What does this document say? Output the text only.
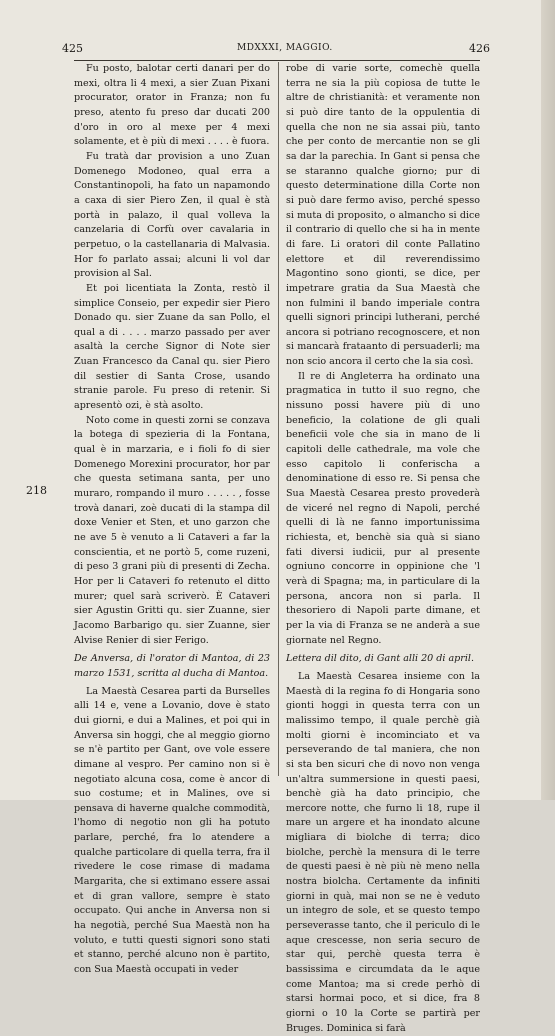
425	MDXXXI, MAGGIO.	426
218

Fu posto, balotar certi danari per do mexi, oltra li 4 mexi, a sier Zuan Pixani procurator, orator in Franza; non fu preso, atento fu preso dar ducati 200 d'oro in oro al mexe per 4 mexi solamente, et è più di mexi . . . . è fuora.

Fu tratà dar provision a uno Zuan Domenego Modoneo, qual erra a Constantinopoli, ha fato un napamondo a caxa di sier Piero Zen, il qual è stà portà in palazo, il qual volleva la canzelaria di Corfù over cavalaria in perpetuo, o la castellanaria di Malvasia. Hor fo parlato assai; alcuni li vol dar provision al Sal.

Et poi licentiata la Zonta, restò il simplice Conseio, per expedir sier Piero Donado qu. sier Zuane da san Pollo, el qual a di . . . . marzo passado per aver asaltà la cerche Signor di Note sier Zuan Francesco da Canal qu. sier Piero dil sestier di Santa Crose, usando stranie parole. Fu preso di retenir. Si apresentò ozi, è stà asolto.

Noto come in questi zorni se conzava la botega di spezieria di la Fontana, qual è in marzaria, e i fioli fo di sier Domenego Morexini procurator, hor par che questa setimana santa, per uno muraro, rompando il muro . . . . . , fosse trovà danari, zoè ducati di la stampa dil doxe Venier et Sten, et uno garzon che ne ave 5 è venuto a li Cataveri a far la conscientia, et ne portò 5, come ruzeni, di peso 3 grani più di presenti di Zecha. Hor per li Cataveri fo retenuto el ditto murer; quel sarà scriverò. È Cataveri sier Agustin Gritti qu. sier Zuanne, sier Jacomo Barbarigo qu. sier Zuanne, sier Alvise Renier di sier Ferigo.

De Anversa, di l'orator di Mantoa, di 23 marzo 1531, scritta al ducha di Mantoa.

La Maestà Cesarea parti da Burselles alli 14 e, vene a Lovanio, dove è stato dui giorni, e dui a Malines, et poi qui in Anversa sin hoggi, che al meggio giorno se n'è partito per Gant, ove vole essere dimane al vespro. Per camino non si è negotiato alcuna cosa, come è ancor di suo costume; et in Malines, ove si pensava di haverne qualche commodità, l'homo di negotio non gli ha potuto parlare, perché, fra lo atendere a qualche particolare di quella terra, fra il rivedere le cose rimase di madama Margarita, che si extimano essere assai et di gran vallore, sempre è stato occupato. Qui anche in Anversa non si ha negotià, perché Sua Maestà non ha voluto, e tutti questi signori sono stati et stanno, perché alcuno non è partito, con Sua Maestà occupati in veder

robe di varie sorte, comechè quella terra ne sia la più copiosa de tutte le altre de christianità: et veramente non si può dire tanto de la oppulentia di quella che non ne sia assai più, tanto che per conto de mercantie non se gli sa dar la parechia. In Gant si pensa che se staranno qualche giorno; pur di questo determinatione dilla Corte non si può dare fermo aviso, perché spesso si muta di proposito, o almancho si dice il contrario di quello che si ha in mente di fare. Li oratori dil conte Pallatino elettore et dil reverendissimo Magontino sono gionti, se dice, per impetrare gratia da Sua Maestà che non fulmini il bando imperiale contra quelli signori principi lutherani, perché ancora si potriano recognoscere, et non si mancarà frataanto di persuaderli; ma non scio ancora il certo che la sia così.

Il re di Angleterra ha ordinato una pragmatica in tutto il suo regno, che nissuno possi havere più di uno beneficio, la colatione de gli quali beneficii vole che sia in mano de li capitoli delle cathedrale, ma vole che esso capitolo li conferischa a denominatione di esso re. Si pensa che Sua Maestà Cesarea presto provederà de viceré nel regno di Napoli, perché quelli di là ne fanno importunissima richiesta, et, benchè sia quà si siano fati diversi iudicii, pur al presente ogniuno concorre in oppinione che 'l verà di Spagna; ma, in particulare di la persona, ancora non si parla. Il thesoriero di Napoli parte dimane, et per la via di Franza se ne anderà a sue giornate nel Regno.

Lettera dil dito, di Gant alli 20 di april.

La Maestà Cesarea insieme con la Maestà di la regina fo di Hongaria sono gionti hoggi in questa terra con un malissimo tempo, il quale perchè già molti giorni è incominciato et va perseverando de tal maniera, che non si sta ben sicuri che di novo non venga un'altra summersione in questi paesi, benchè già ha dato principio, che mercore notte, che furno li 18, rupe il mare un argere et ha inondato alcune migliara di biolche di terra; dico biolche, perchè la mensura di le terre de questi paesi è nè più nè meno nella nostra biolcha. Certamente da infiniti giorni in quà, mai non se ne è veduto un integro de sole, et se questo tempo perseverasse tanto, che il periculo di le aque crescesse, non seria securo de star qui, perchè questa terra è bassissima e circumdata da le aque come Mantoa; ma si crede perhò di starsi hormai poco, et si dice, fra 8 giorni o 10 la Corte se partirà per Bruges. Dominica si farà
